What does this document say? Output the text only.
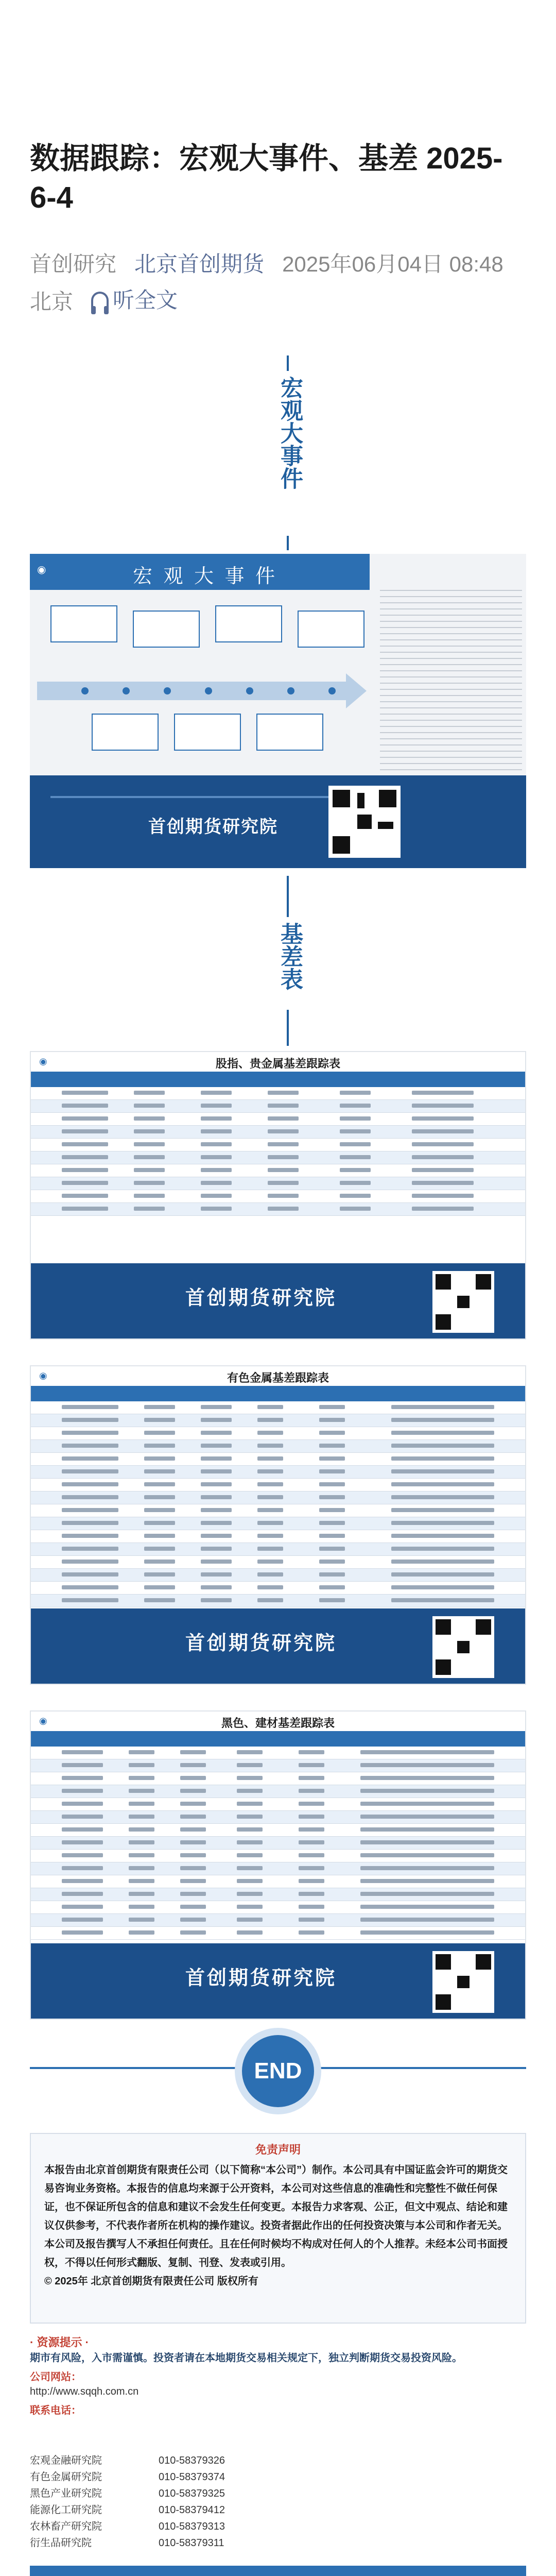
数据跟踪：宏观大事件、基差 2025-6-4
首创研究 北京首创期货 2025年06月04日 08:48
北京 听全文
宏观大事件
◉	宏 观 大 事 件
首创期货研究院
基差表
◉	股指、贵金属基差跟踪表
首创期货研究院
◉	有色金属基差跟踪表
首创期货研究院
◉	黑色、建材基差跟踪表
首创期货研究院
END
免责声明
本报告由北京首创期货有限责任公司（以下简称“本公司”）制作。本公司具有中国证监会许可的期货交易咨询业务资格。本报告的信息均来源于公开资料，本公司对这些信息的准确性和完整性不做任何保证，也不保证所包含的信息和建议不会发生任何变更。本报告力求客观、公正，但文中观点、结论和建议仅供参考，不代表作者所在机构的操作建议。投资者据此作出的任何投资决策与本公司和作者无关。本公司及报告撰写人不承担任何责任。且在任何时候均不构成对任何人的个人推荐。未经本公司书面授权，不得以任何形式翻版、复制、刊登、发表或引用。
© 2025年 北京首创期货有限责任公司 版权所有
· 资源提示 ·
期市有风险，入市需谨慎。投资者请在本地期货交易相关规定下，独立判断期货交易投资风险。
公司网站：
http://www.sqqh.com.cn
联系电话：
宏观金融研究院	010-58379326
有色金属研究院	010-58379374
黑色产业研究院	010-58379325
能源化工研究院	010-58379412
农林畜产研究院	010-58379313
衍生品研究院	010-58379311
